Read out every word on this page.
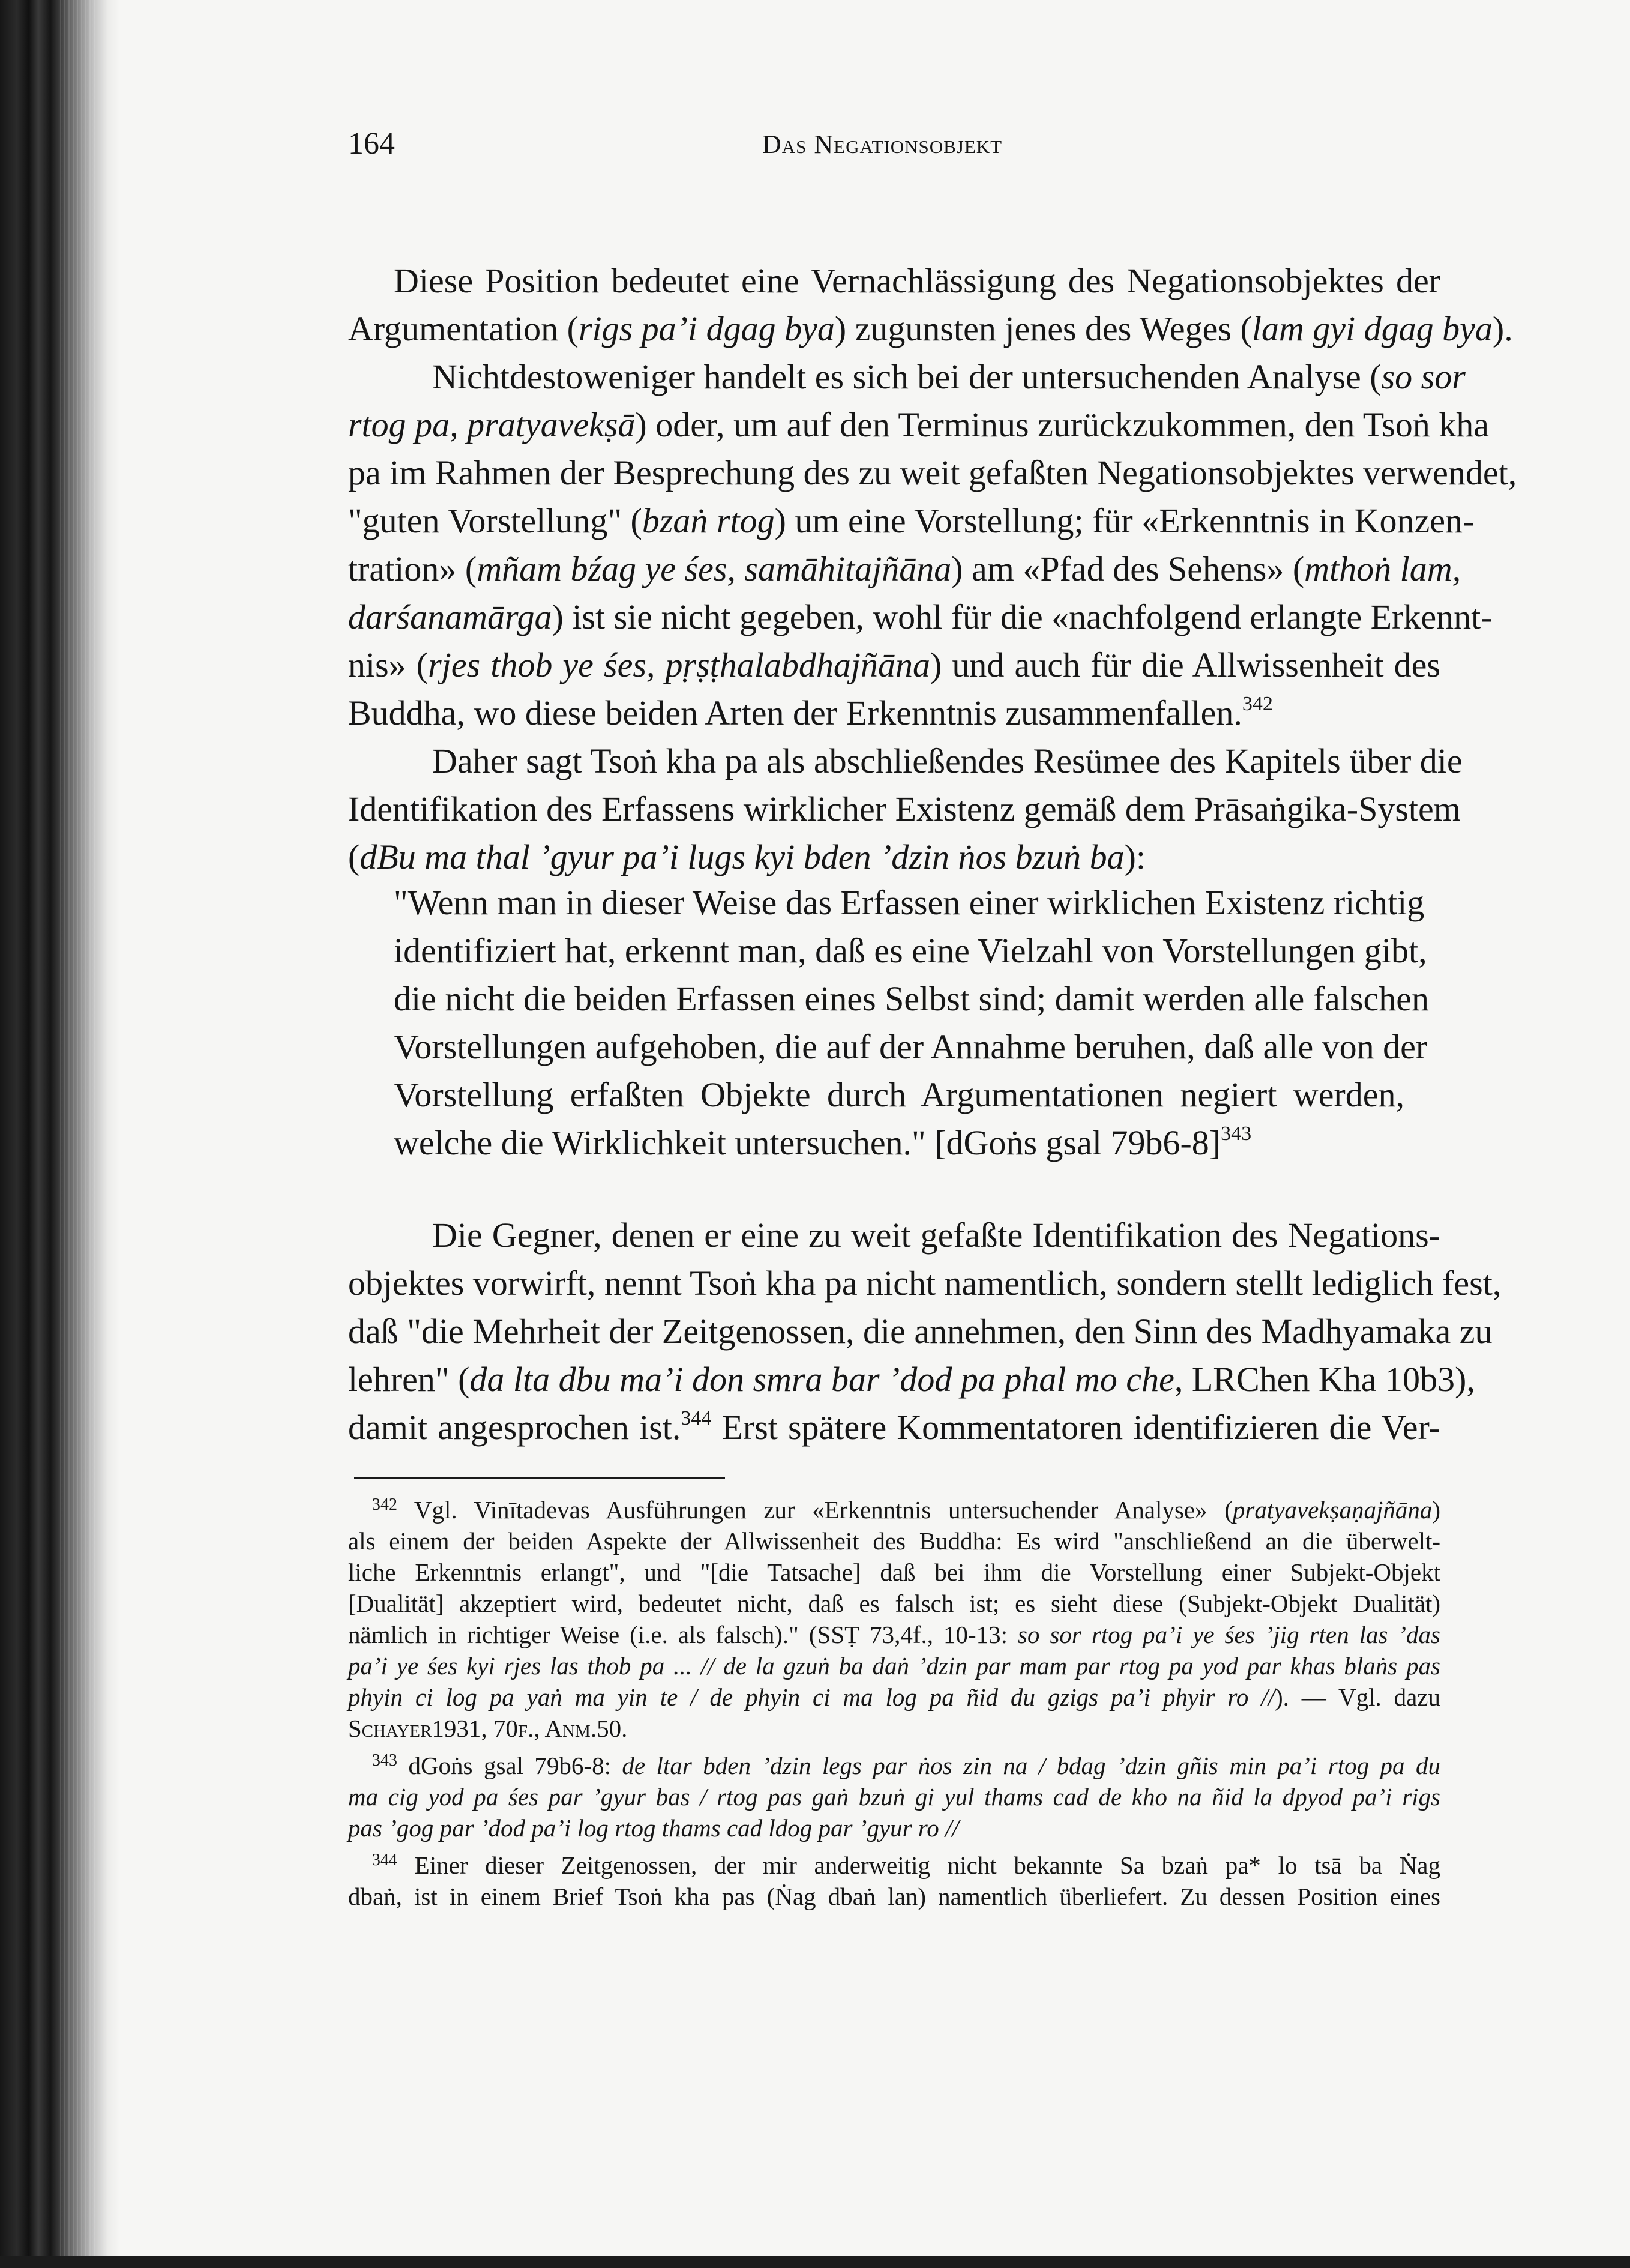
164	Das Negationsobjekt
Diese Position bedeutet eine Vernachlässigung des Negationsobjektes der
Argumentation (rigs pa’i dgag bya) zugunsten jenes des Weges (lam gyi dgag bya).
Nichtdestoweniger handelt es sich bei der untersuchenden Analyse (so sor
rtog pa, pratyavekṣā) oder, um auf den Terminus zurückzukommen, den Tsoṅ kha
pa im Rahmen der Besprechung des zu weit gefaßten Negationsobjektes verwendet,
"guten Vorstellung" (bzaṅ rtog) um eine Vorstellung; für «Erkenntnis in Konzen-
tration» (mñam bźag ye śes, samāhitajñāna) am «Pfad des Sehens» (mthoṅ lam,
darśanamārga) ist sie nicht gegeben, wohl für die «nachfolgend erlangte Erkennt-
nis» (rjes thob ye śes, pṛṣṭhalabdhajñāna) und auch für die Allwissenheit des
Buddha, wo diese beiden Arten der Erkenntnis zusammenfallen.$^{342}$
Daher sagt Tsoṅ kha pa als abschließendes Resümee des Kapitels über die
Identifikation des Erfassens wirklicher Existenz gemäß dem Prāsaṅgika-System
(dBu ma thal ’gyur pa’i lugs kyi bden ’dzin ṅos bzuṅ ba):
"Wenn man in dieser Weise das Erfassen einer wirklichen Existenz richtig
identifiziert hat, erkennt man, daß es eine Vielzahl von Vorstellungen gibt,
die nicht die beiden Erfassen eines Selbst sind; damit werden alle falschen
Vorstellungen aufgehoben, die auf der Annahme beruhen, daß alle von der
Vorstellung erfaßten Objekte durch Argumentationen negiert werden,
welche die Wirklichkeit untersuchen." [dGoṅs gsal 79b6-8]$^{343}$
Die Gegner, denen er eine zu weit gefaßte Identifikation des Negations-
objektes vorwirft, nennt Tsoṅ kha pa nicht namentlich, sondern stellt lediglich fest,
daß "die Mehrheit der Zeitgenossen, die annehmen, den Sinn des Madhyamaka zu
lehren" (da lta dbu ma’i don smra bar ’dod pa phal mo che, LRChen Kha 10b3),
damit angesprochen ist.$^{344}$ Erst spätere Kommentatoren identifizieren die Ver-
$^{342}$ Vgl. Vinītadevas Ausführungen zur «Erkenntnis untersuchender Analyse» (pratyavekṣaṇajñāna)
als einem der beiden Aspekte der Allwissenheit des Buddha: Es wird "anschließend an die überwelt-
liche Erkenntnis erlangt", und "[die Tatsache] daß bei ihm die Vorstellung einer Subjekt-Objekt
[Dualität] akzeptiert wird, bedeutet nicht, daß es falsch ist; es sieht diese (Subjekt-Objekt Dualität)
nämlich in richtiger Weise (i.e. als falsch)." (SSṬ 73,4f., 10-13: so sor rtog pa’i ye śes ’jig rten las ’das
pa’i ye śes kyi rjes las thob pa ... // de la gzuṅ ba daṅ ’dzin par mam par rtog pa yod par khas blaṅs pas
phyin ci log pa yaṅ ma yin te / de phyin ci ma log pa ñid du gzigs pa’i phyir ro //). — Vgl. dazu
Schayer1931, 70f., Anm.50.
$^{343}$ dGoṅs gsal 79b6-8: de ltar bden ’dzin legs par ṅos zin na / bdag ’dzin gñis min pa’i rtog pa du
ma cig yod pa śes par ’gyur bas / rtog pas gaṅ bzuṅ gi yul thams cad de kho na ñid la dpyod pa’i rigs
pas ’gog par ’dod pa’i log rtog thams cad ldog par ’gyur ro //
$^{344}$ Einer dieser Zeitgenossen, der mir anderweitig nicht bekannte Sa bzaṅ pa* lo tsā ba Ṅag
dbaṅ, ist in einem Brief Tsoṅ kha pas (Ṅag dbaṅ lan) namentlich überliefert. Zu dessen Position eines
